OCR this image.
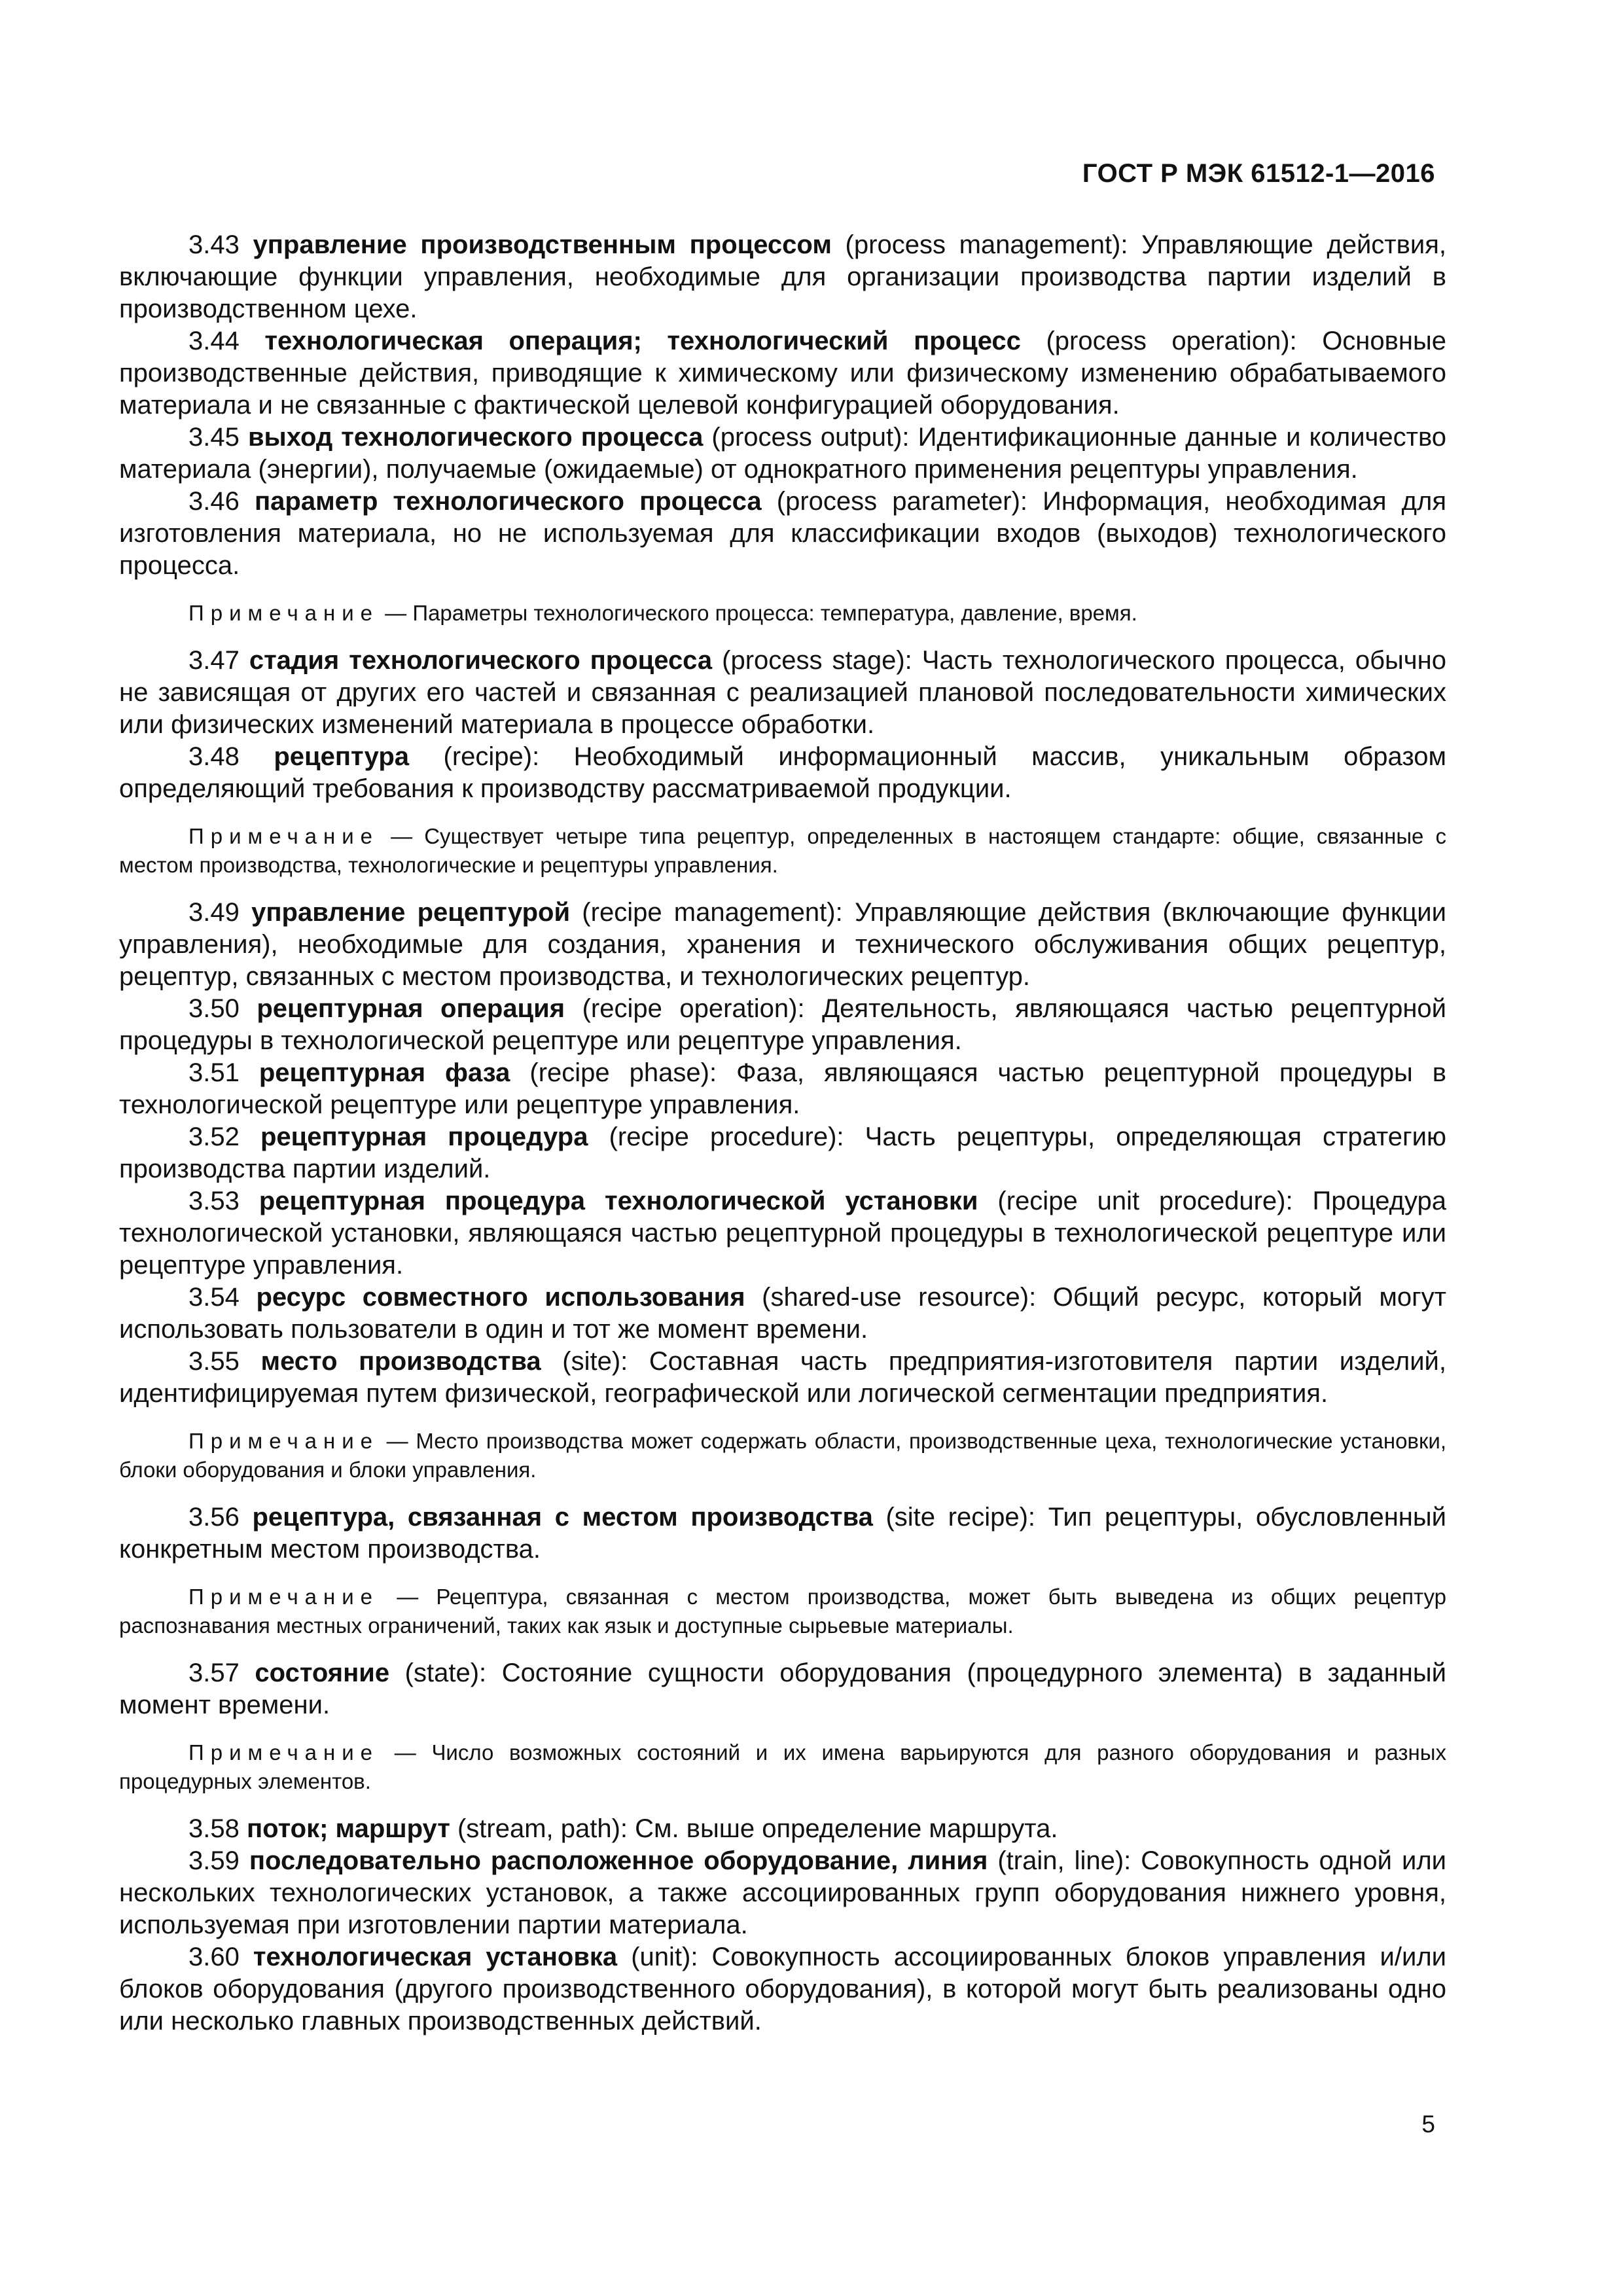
ГОСТ Р МЭК 61512-1—2016

3.43 управление производственным процессом (process management): Управляющие действия, включающие функции управления, необходимые для организации производства партии изделий в производственном цехе.

3.44 технологическая операция; технологический процесс (process operation): Основные производственные действия, приводящие к химическому или физическому изменению обрабатываемого материала и не связанные с фактической целевой конфигурацией оборудования.

3.45 выход технологического процесса (process output): Идентификационные данные и количество материала (энергии), получаемые (ожидаемые) от однократного применения рецептуры управления.

3.46 параметр технологического процесса (process parameter): Информация, необходимая для изготовления материала, но не используемая для классификации входов (выходов) технологического процесса.

Примечание — Параметры технологического процесса: температура, давление, время.

3.47 стадия технологического процесса (process stage): Часть технологического процесса, обычно не зависящая от других его частей и связанная с реализацией плановой последовательности химических или физических изменений материала в процессе обработки.

3.48 рецептура (recipe): Необходимый информационный массив, уникальным образом определяющий требования к производству рассматриваемой продукции.

Примечание — Существует четыре типа рецептур, определенных в настоящем стандарте: общие, связанные с местом производства, технологические и рецептуры управления.

3.49 управление рецептурой (recipe management): Управляющие действия (включающие функции управления), необходимые для создания, хранения и технического обслуживания общих рецептур, рецептур, связанных с местом производства, и технологических рецептур.

3.50 рецептурная операция (recipe operation): Деятельность, являющаяся частью рецептурной процедуры в технологической рецептуре или рецептуре управления.

3.51 рецептурная фаза (recipe phase): Фаза, являющаяся частью рецептурной процедуры в технологической рецептуре или рецептуре управления.

3.52 рецептурная процедура (recipe procedure): Часть рецептуры, определяющая стратегию производства партии изделий.

3.53 рецептурная процедура технологической установки (recipe unit procedure): Процедура технологической установки, являющаяся частью рецептурной процедуры в технологической рецептуре или рецептуре управления.

3.54 ресурс совместного использования (shared-use resource): Общий ресурс, который могут использовать пользователи в один и тот же момент времени.

3.55 место производства (site): Составная часть предприятия-изготовителя партии изделий, идентифицируемая путем физической, географической или логической сегментации предприятия.

Примечание — Место производства может содержать области, производственные цеха, технологические установки, блоки оборудования и блоки управления.

3.56 рецептура, связанная с местом производства (site recipe): Тип рецептуры, обусловленный конкретным местом производства.

Примечание — Рецептура, связанная с местом производства, может быть выведена из общих рецептур распознавания местных ограничений, таких как язык и доступные сырьевые материалы.

3.57 состояние (state): Состояние сущности оборудования (процедурного элемента) в заданный момент времени.

Примечание — Число возможных состояний и их имена варьируются для разного оборудования и разных процедурных элементов.

3.58 поток; маршрут (stream, path): См. выше определение маршрута.

3.59 последовательно расположенное оборудование, линия (train, line): Совокупность одной или нескольких технологических установок, а также ассоциированных групп оборудования нижнего уровня, используемая при изготовлении партии материала.

3.60 технологическая установка (unit): Совокупность ассоциированных блоков управления и/или блоков оборудования (другого производственного оборудования), в которой могут быть реализованы одно или несколько главных производственных действий.

5
